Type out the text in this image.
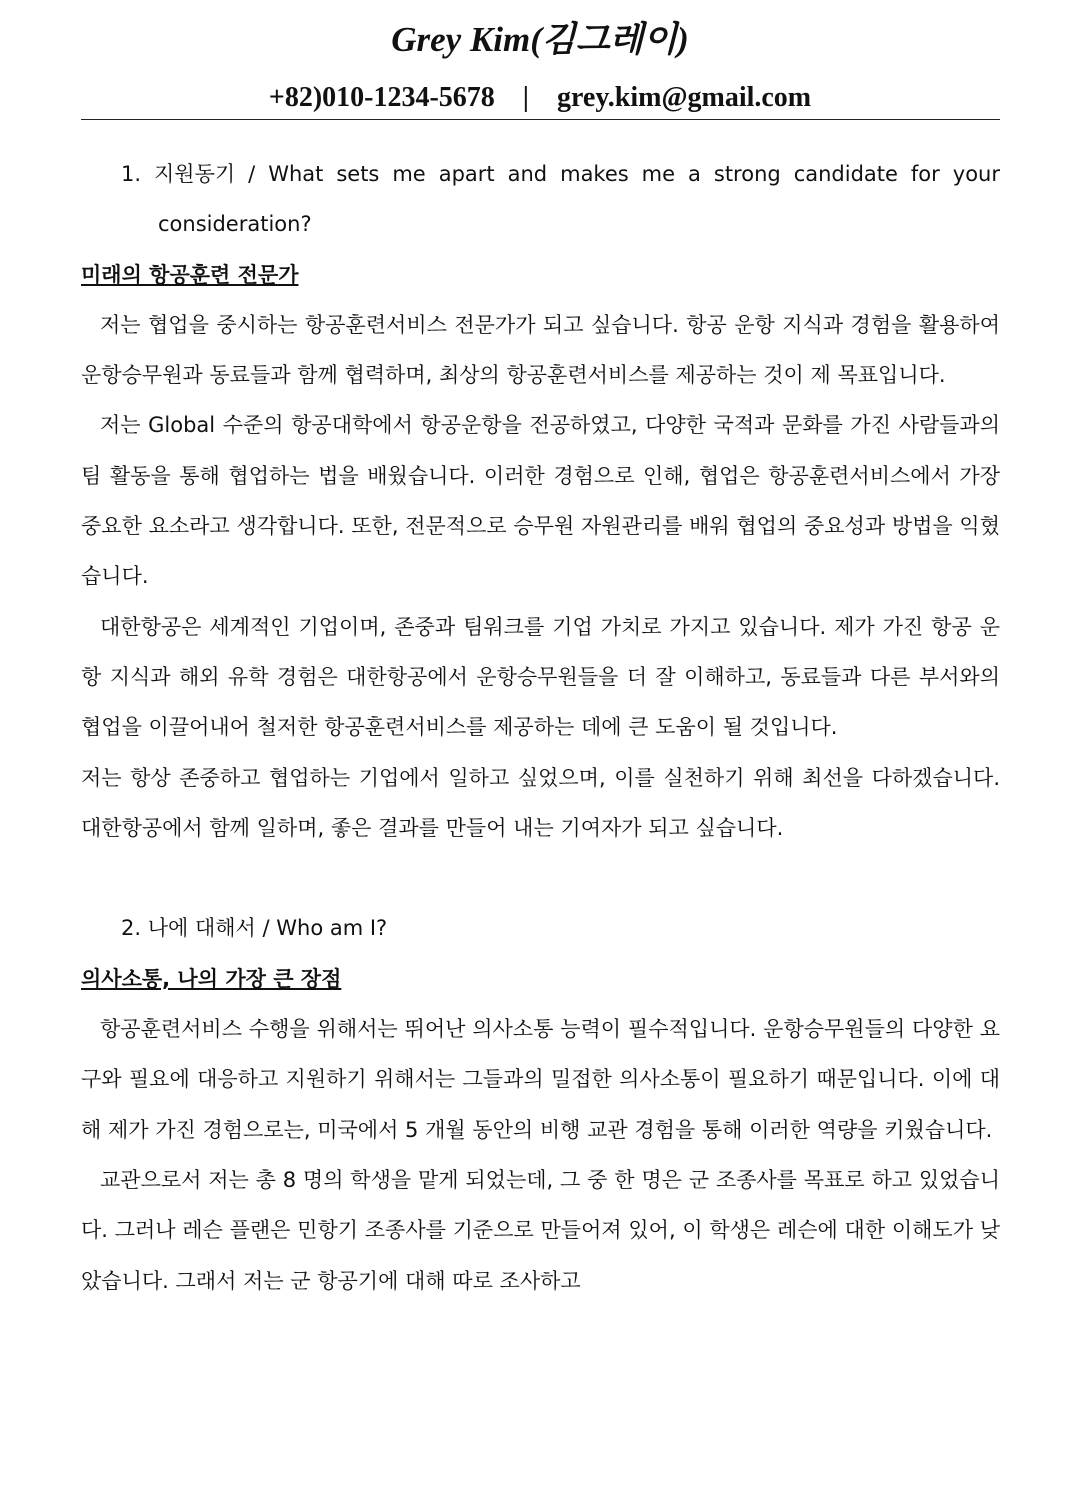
Grey Kim(김그레이)
+82)010-1234-5678 | grey.kim@gmail.com

1. 지원동기 / What sets me apart and makes me a strong candidate for your consideration?

미래의 항공훈련 전문가

저는 협업을 중시하는 항공훈련서비스 전문가가 되고 싶습니다. 항공 운항 지식과 경험을 활용하여 운항승무원과 동료들과 함께 협력하며, 최상의 항공훈련서비스를 제공하는 것이 제 목표입니다.

저는 Global 수준의 항공대학에서 항공운항을 전공하였고, 다양한 국적과 문화를 가진 사람들과의 팀 활동을 통해 협업하는 법을 배웠습니다. 이러한 경험으로 인해, 협업은 항공훈련서비스에서 가장 중요한 요소라고 생각합니다. 또한, 전문적으로 승무원 자원관리를 배워 협업의 중요성과 방법을 익혔습니다.

대한항공은 세계적인 기업이며, 존중과 팀워크를 기업 가치로 가지고 있습니다. 제가 가진 항공 운항 지식과 해외 유학 경험은 대한항공에서 운항승무원들을 더 잘 이해하고, 동료들과 다른 부서와의 협업을 이끌어내어 철저한 항공훈련서비스를 제공하는 데에 큰 도움이 될 것입니다.

저는 항상 존중하고 협업하는 기업에서 일하고 싶었으며, 이를 실천하기 위해 최선을 다하겠습니다. 대한항공에서 함께 일하며, 좋은 결과를 만들어 내는 기여자가 되고 싶습니다.

2. 나에 대해서 / Who am I?

의사소통, 나의 가장 큰 장점

항공훈련서비스 수행을 위해서는 뛰어난 의사소통 능력이 필수적입니다. 운항승무원들의 다양한 요구와 필요에 대응하고 지원하기 위해서는 그들과의 밀접한 의사소통이 필요하기 때문입니다. 이에 대해 제가 가진 경험으로는, 미국에서 5 개월 동안의 비행 교관 경험을 통해 이러한 역량을 키웠습니다.

교관으로서 저는 총 8 명의 학생을 맡게 되었는데, 그 중 한 명은 군 조종사를 목표로 하고 있었습니다. 그러나 레슨 플랜은 민항기 조종사를 기준으로 만들어져 있어, 이 학생은 레슨에 대한 이해도가 낮았습니다. 그래서 저는 군 항공기에 대해 따로 조사하고
